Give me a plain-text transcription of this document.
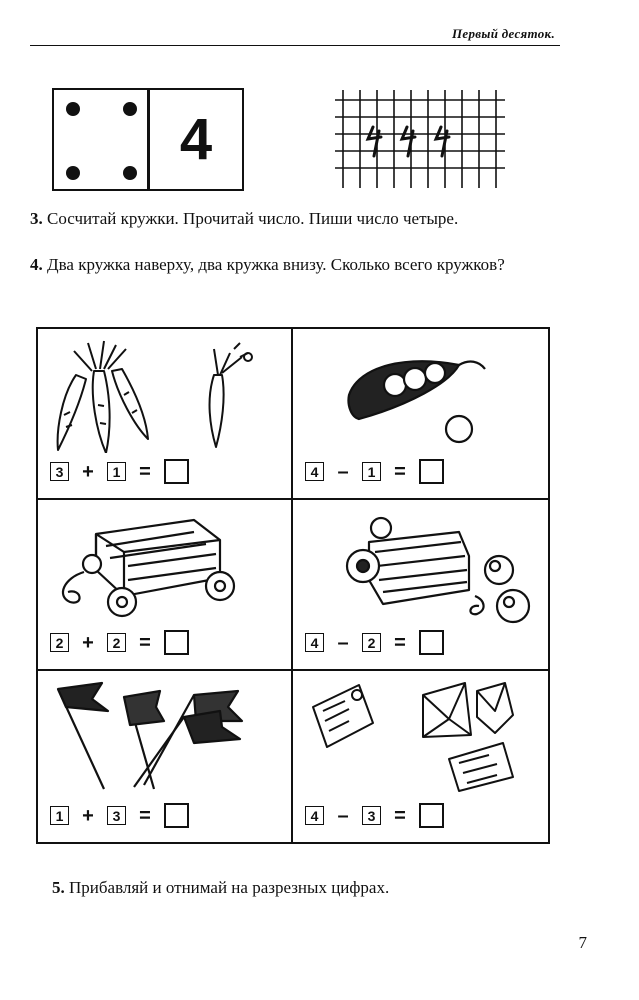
Первый десяток.
4
3. Сосчитай кружки. Прочитай число. Пиши число четыре.
4. Два кружка наверху, два кружка внизу. Сколько всего кружков?
3 +	1 =	4 –	1 =
2 +	2 =	4 –	2 =
1 +	3 =	4 –	3 =
5. Прибавляй и отнимай на разрезных цифрах.
7
